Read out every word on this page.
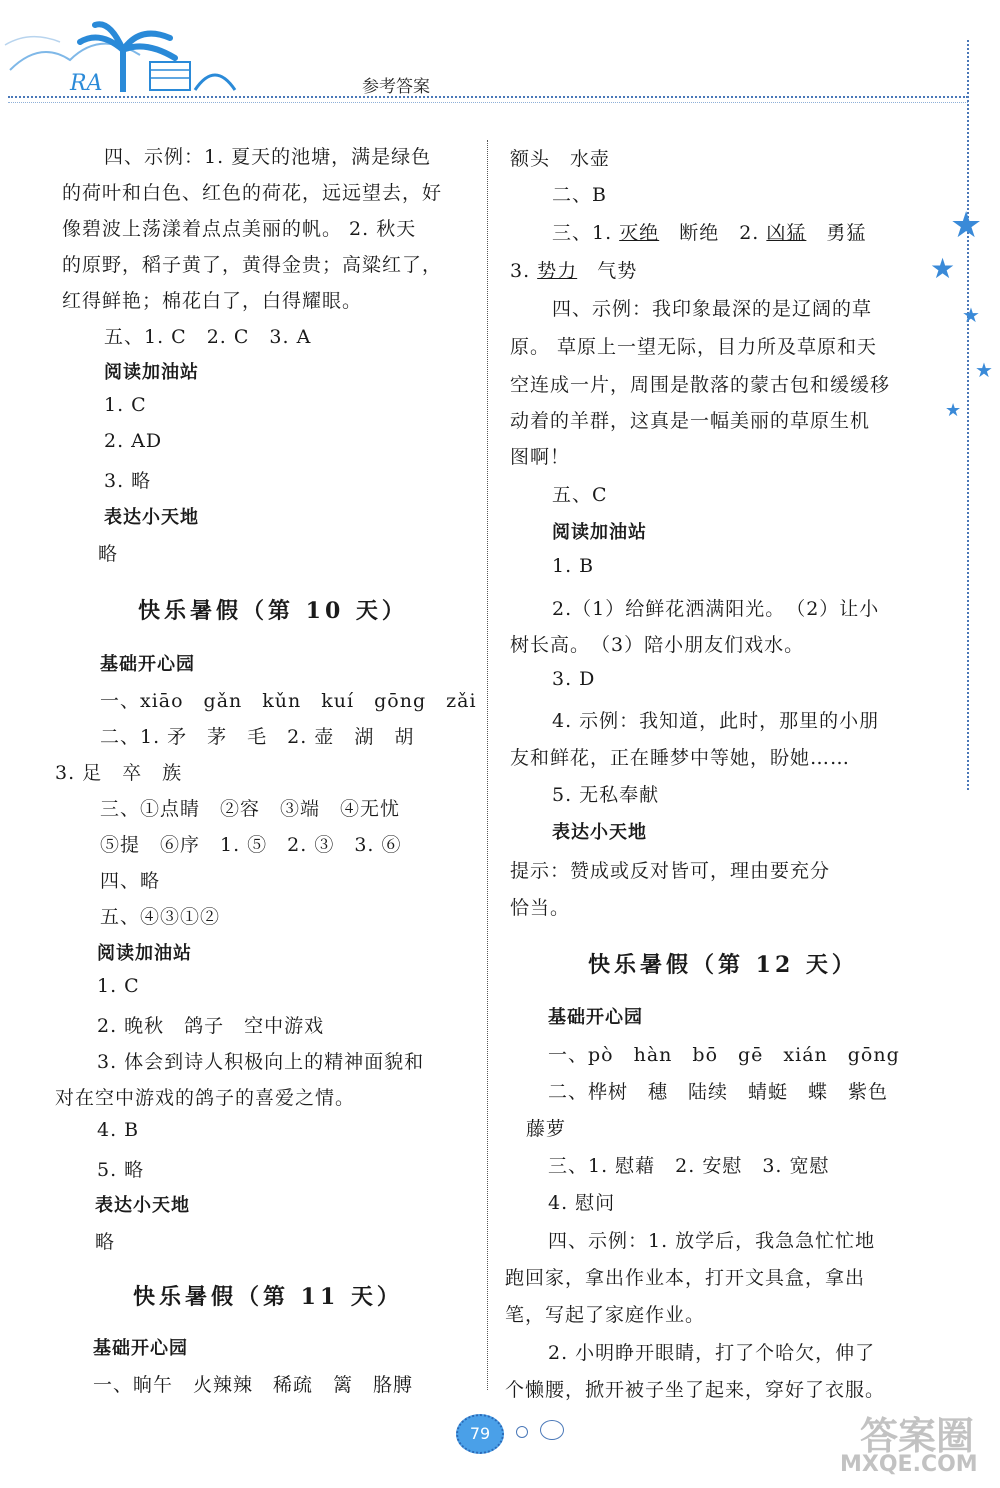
RA	参考答案
★
★
★
★
★
四、示例：1. 夏天的池塘，满是绿色
的荷叶和白色、红色的荷花，远远望去，好
像碧波上荡漾着点点美丽的帆。 2. 秋天
的原野，稻子黄了，黄得金贵；高粱红了，
红得鲜艳；棉花白了，白得耀眼。
五、1. C　2. C　3. A
阅读加油站
1. C
2. AD
3. 略
表达小天地
略
快乐暑假（第 10 天）
基础开心园
一、xiāo　gǎn　kǔn　kuí　gōng　zǎi
二、1. 矛　茅　毛　2. 壶　湖　胡
3. 足　卒　族
三、①点睛　②容　③端　④无忧
⑤提　⑥序　1. ⑤　2. ③　3. ⑥
四、略
五、④③①②
阅读加油站
1. C
2. 晚秋　鸽子　空中游戏
3. 体会到诗人积极向上的精神面貌和
对在空中游戏的鸽子的喜爱之情。
4. B
5. 略
表达小天地
略
快乐暑假（第 11 天）
基础开心园
一、晌午　火辣辣　稀疏　篱　胳膊
额头　水壶
二、B
三、1. 灭绝　断绝　2. 凶猛　勇猛
3. 势力　气势
四、示例：我印象最深的是辽阔的草
原。 草原上一望无际，目力所及草原和天
空连成一片，周围是散落的蒙古包和缓缓移
动着的羊群，这真是一幅美丽的草原生机
图啊！
五、C
阅读加油站
1. B
2.（1）给鲜花洒满阳光。　（2）让小
树长高。　（3）陪小朋友们戏水。
3. D
4. 示例：我知道，此时，那里的小朋
友和鲜花，正在睡梦中等她，盼她……
5. 无私奉献
表达小天地
提示：赞成或反对皆可，理由要充分
恰当。
快乐暑假（第 12 天）
基础开心园
一、pò　hàn　bō　gē　xián　gōng
二、桦树　穗　陆续　蜻蜓　蝶　紫色
藤萝
三、1. 慰藉　2. 安慰　3. 宽慰
4. 慰问
四、示例：1. 放学后，我急急忙忙地
跑回家，拿出作业本，打开文具盒，拿出
笔，写起了家庭作业。
2. 小明睁开眼睛，打了个哈欠，伸了
个懒腰，掀开被子坐了起来，穿好了衣服。
79	答案圈
MXQE.COM
